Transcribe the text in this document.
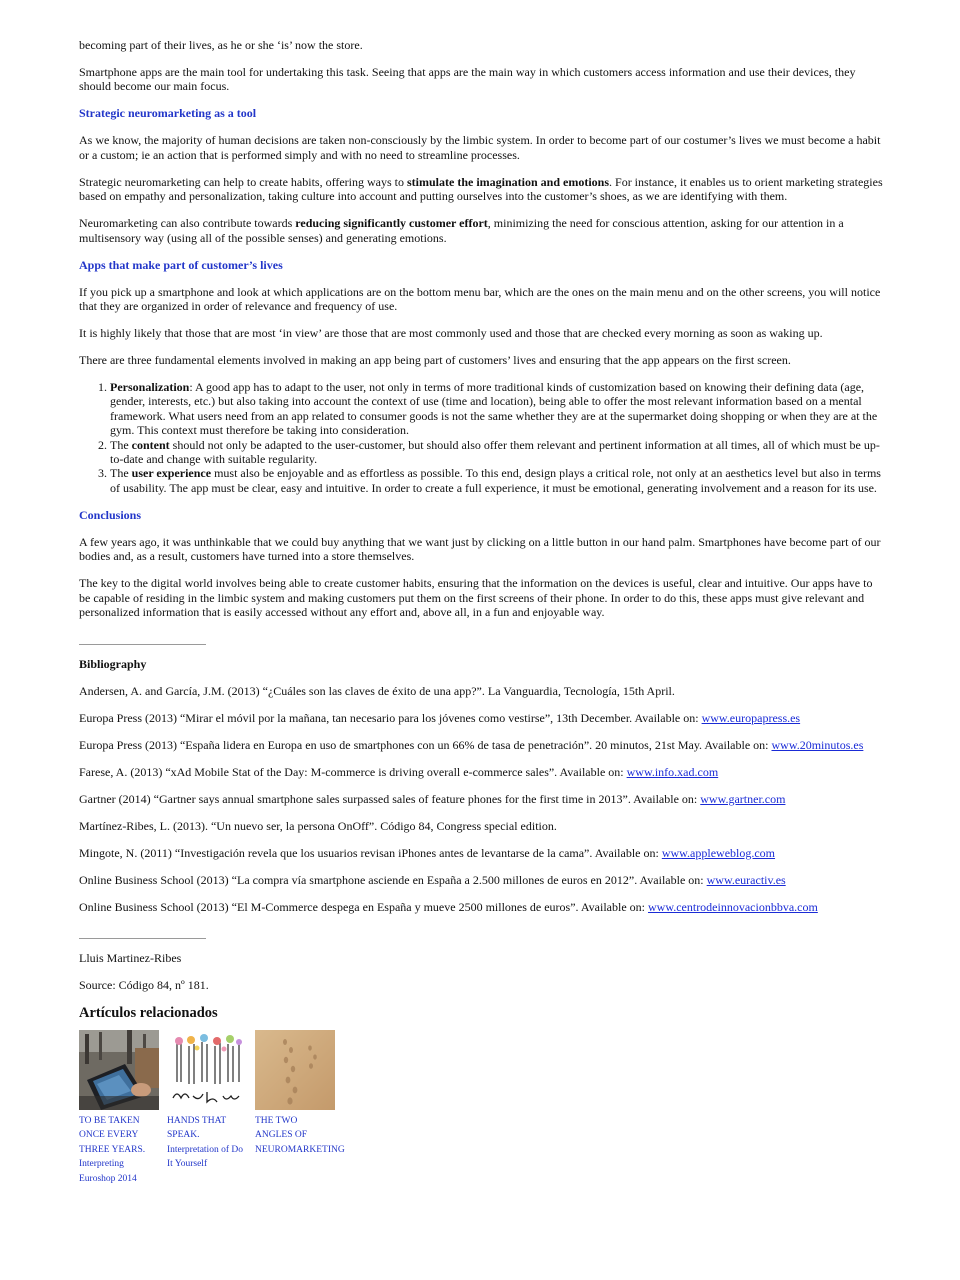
becoming part of their lives, as he or she ‘is’ now the store.

Smartphone apps are the main tool for undertaking this task. Seeing that apps are the main way in which customers access information and use their devices, they should become our main focus.

Strategic neuromarketing as a tool

As we know, the majority of human decisions are taken non-consciously by the limbic system. In order to become part of our costumer’s lives we must become a habit or a custom; ie an action that is performed simply and with no need to streamline processes.

Strategic neuromarketing can help to create habits, offering ways to stimulate the imagination and emotions. For instance, it enables us to orient marketing strategies based on empathy and personalization, taking culture into account and putting ourselves into the customer’s shoes, as we are identifying with them.

Neuromarketing can also contribute towards reducing significantly customer effort, minimizing the need for conscious attention, asking for our attention in a multisensory way (using all of the possible senses) and generating emotions.

Apps that make part of customer’s lives

If you pick up a smartphone and look at which applications are on the bottom menu bar, which are the ones on the main menu and on the other screens, you will notice that they are organized in order of relevance and frequency of use.

It is highly likely that those that are most ‘in view’ are those that are most commonly used and those that are checked every morning as soon as waking up.

There are three fundamental elements involved in making an app being part of customers’ lives and ensuring that the app appears on the first screen.

1. Personalization: A good app has to adapt to the user, not only in terms of more traditional kinds of customization based on knowing their defining data (age, gender, interests, etc.) but also taking into account the context of use (time and location), being able to offer the most relevant information based on a mental framework. What users need from an app related to consumer goods is not the same whether they are at the supermarket doing shopping or when they are at the gym. This context must therefore be taking into consideration.
2. The content should not only be adapted to the user-customer, but should also offer them relevant and pertinent information at all times, all of which must be up-to-date and change with suitable regularity.
3. The user experience must also be enjoyable and as effortless as possible. To this end, design plays a critical role, not only at an aesthetics level but also in terms of usability. The app must be clear, easy and intuitive. In order to create a full experience, it must be emotional, generating involvement and a reason for its use.
Conclusions

A few years ago, it was unthinkable that we could buy anything that we want just by clicking on a little button in our hand palm. Smartphones have become part of our bodies and, as a result, customers have turned into a store themselves.

The key to the digital world involves being able to create customer habits, ensuring that the information on the devices is useful, clear and intuitive. Our apps have to be capable of residing in the limbic system and making customers put them on the first screens of their phone. In order to do this, these apps must give relevant and personalized information that is easily accessed without any effort and, above all, in a fun and enjoyable way.

Bibliography

Andersen, A. and García, J.M. (2013) “¿Cuáles son las claves de éxito de una app?”. La Vanguardia, Tecnología, 15th April.

Europa Press (2013) “Mirar el móvil por la mañana, tan necesario para los jóvenes como vestirse”, 13th December. Available on: www.europapress.es

Europa Press (2013) “España lidera en Europa en uso de smartphones con un 66% de tasa de penetración”. 20 minutos, 21st May. Available on: www.20minutos.es

Farese, A. (2013) “xAd Mobile Stat of the Day: M-commerce is driving overall e-commerce sales”. Available on: www.info.xad.com

Gartner (2014) “Gartner says annual smartphone sales surpassed sales of feature phones for the first time in 2013”. Available on: www.gartner.com

Martínez-Ribes, L. (2013). “Un nuevo ser, la persona OnOff”. Código 84, Congress special edition.

Mingote, N. (2011) “Investigación revela que los usuarios revisan iPhones antes de levantarse de la cama”. Available on: www.appleweblog.com

Online Business School (2013) “La compra vía smartphone asciende en España a 2.500 millones de euros en 2012”. Available on: www.euractiv.es

Online Business School (2013) “El M-Commerce despega en España y mueve 2500 millones de euros”. Available on: www.centrodeinnovacionbbva.com

Lluis Martinez-Ribes

Source: Código 84, nº 181.

Artículos relacionados
TO BE TAKEN ONCE EVERY THREE YEARS.
Interpreting Euroshop 2014
HANDS THAT SPEAK.
Interpretation of Do It Yourself
THE TWO ANGLES OF NEUROMARKETING
